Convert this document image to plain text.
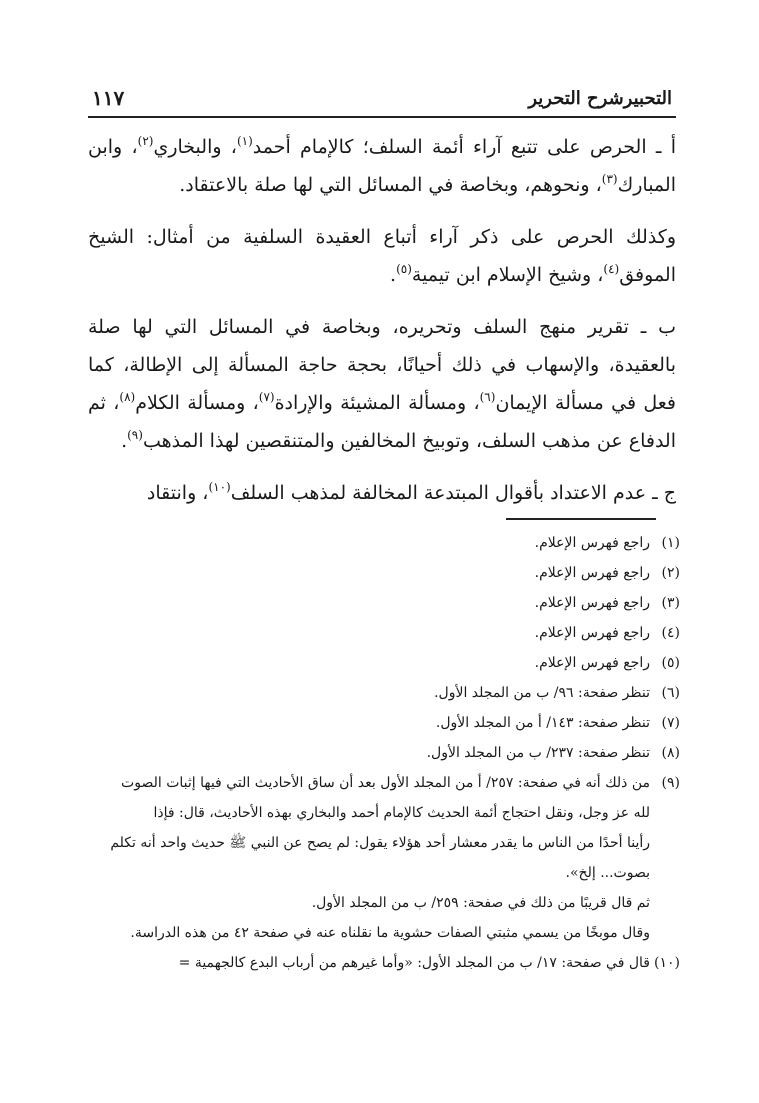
١١٧	التحبيرشرح التحرير

أ ـ الحرص على تتبع آراء أئمة السلف؛ كالإمام أحمد$^{(١)}$، والبخاري$^{(٢)}$، وابن المبارك$^{(٣)}$، ونحوهم، وبخاصة في المسائل التي لها صلة بالاعتقاد.

وكذلك الحرص على ذكر آراء أتباع العقيدة السلفية من أمثال: الشيخ الموفق$^{(٤)}$، وشيخ الإسلام ابن تيمية$^{(٥)}$.

ب ـ تقرير منهج السلف وتحريره، وبخاصة في المسائل التي لها صلة بالعقيدة، والإسهاب في ذلك أحيانًا، بحجة حاجة المسألة إلى الإطالة، كما فعل في مسألة الإيمان$^{(٦)}$، ومسألة المشيئة والإرادة$^{(٧)}$، ومسألة الكلام$^{(٨)}$، ثم الدفاع عن مذهب السلف، وتوبيخ المخالفين والمتنقصين لهذا المذهب$^{(٩)}$.

ج ـ عدم الاعتداد بأقوال المبتدعة المخالفة لمذهب السلف$^{(١٠)}$، وانتقاد

(١)
راجع فهرس الإعلام.
(٢)
راجع فهرس الإعلام.
(٣)
راجع فهرس الإعلام.
(٤)
راجع فهرس الإعلام.
(٥)
راجع فهرس الإعلام.
(٦)
تنظر صفحة: ٩٦/ ب من المجلد الأول.
(٧)
تنظر صفحة: ١٤٣/ أ من المجلد الأول.
(٨)
تنظر صفحة: ٢٣٧/ ب من المجلد الأول.
(٩)
من ذلك أنه في صفحة: ٢٥٧/ أ من المجلد الأول بعد أن ساق الأحاديث التي فيها إثبات الصوت
لله عز وجل، ونقل احتجاج أئمة الحديث كالإمام أحمد والبخاري بهذه الأحاديث، قال: فإذا
رأينا أحدًا من الناس ما يقدر معشار أحد هؤلاء يقول: لم يصح عن النبي ﷺ حديث واحد أنه تكلم
بصوت... إلخ».
ثم قال قريبًا من ذلك في صفحة: ٢٥٩/ ب من المجلد الأول.
وقال موبخًا من يسمي مثبتي الصفات حشوية ما نقلناه عنه في صفحة ٤٢ من هذه الدراسة.
(١٠)
قال في صفحة: ١٧/ ب من المجلد الأول: «وأما غيرهم من أرباب البدع كالجهمية =
